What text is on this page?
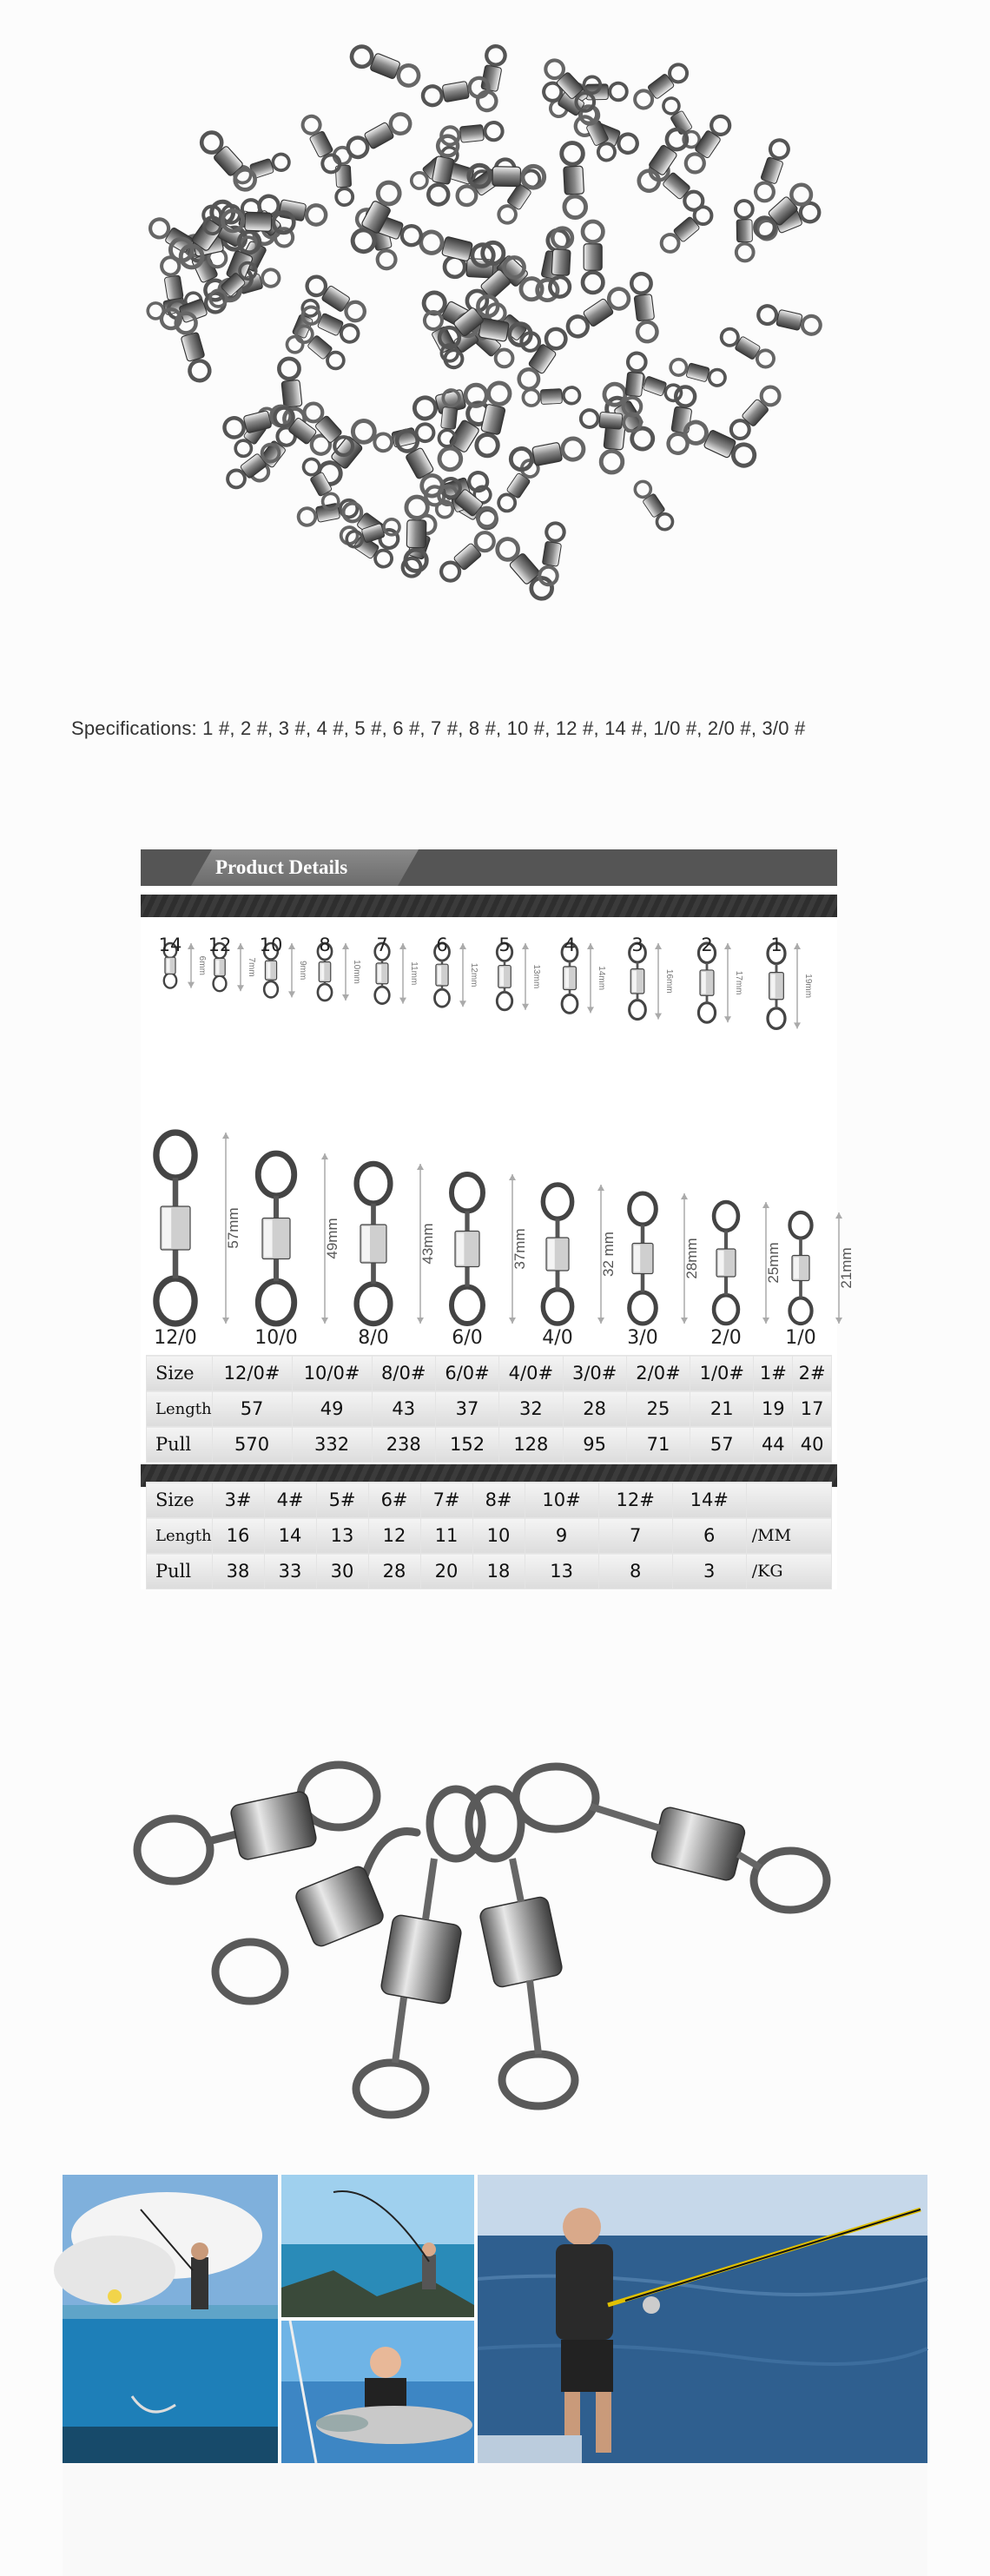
Specifications: 1 #, 2 #, 3 #, 4 #, 5 #, 6 #, 7 #, 8 #, 10 #, 12 #, 14 #, 1/0 #, 2/0 #, 3/0 #
Product Details
6mm	7mm	9mm	10mm	11mm	12mm	13mm	14mm	16mm	17mm	19mm
57mm	49mm	43mm	37mm	32 mm	28mm	25mm	21mm
14 12 10 8	7	6	5	4	3	2	1
12/0	10/0	8/0	6/0	4/0	3/0	2/0 1/0
Size	12/0#	10/0#	8/0#	6/0#	4/0#	3/0#	2/0#	1/0#	1#	2#
Length	57	49	43	37	32	28	25	21	19	17
Pull	570	332	238	152	128	95	71	57	44	40
Size	3#	4#	5#	6#	7#	8#	10#	12#	14#	
Length	16	14	13	12	11	10	9	7	6	/MM
Pull	38	33	30	28	20	18	13	8	3	/KG
